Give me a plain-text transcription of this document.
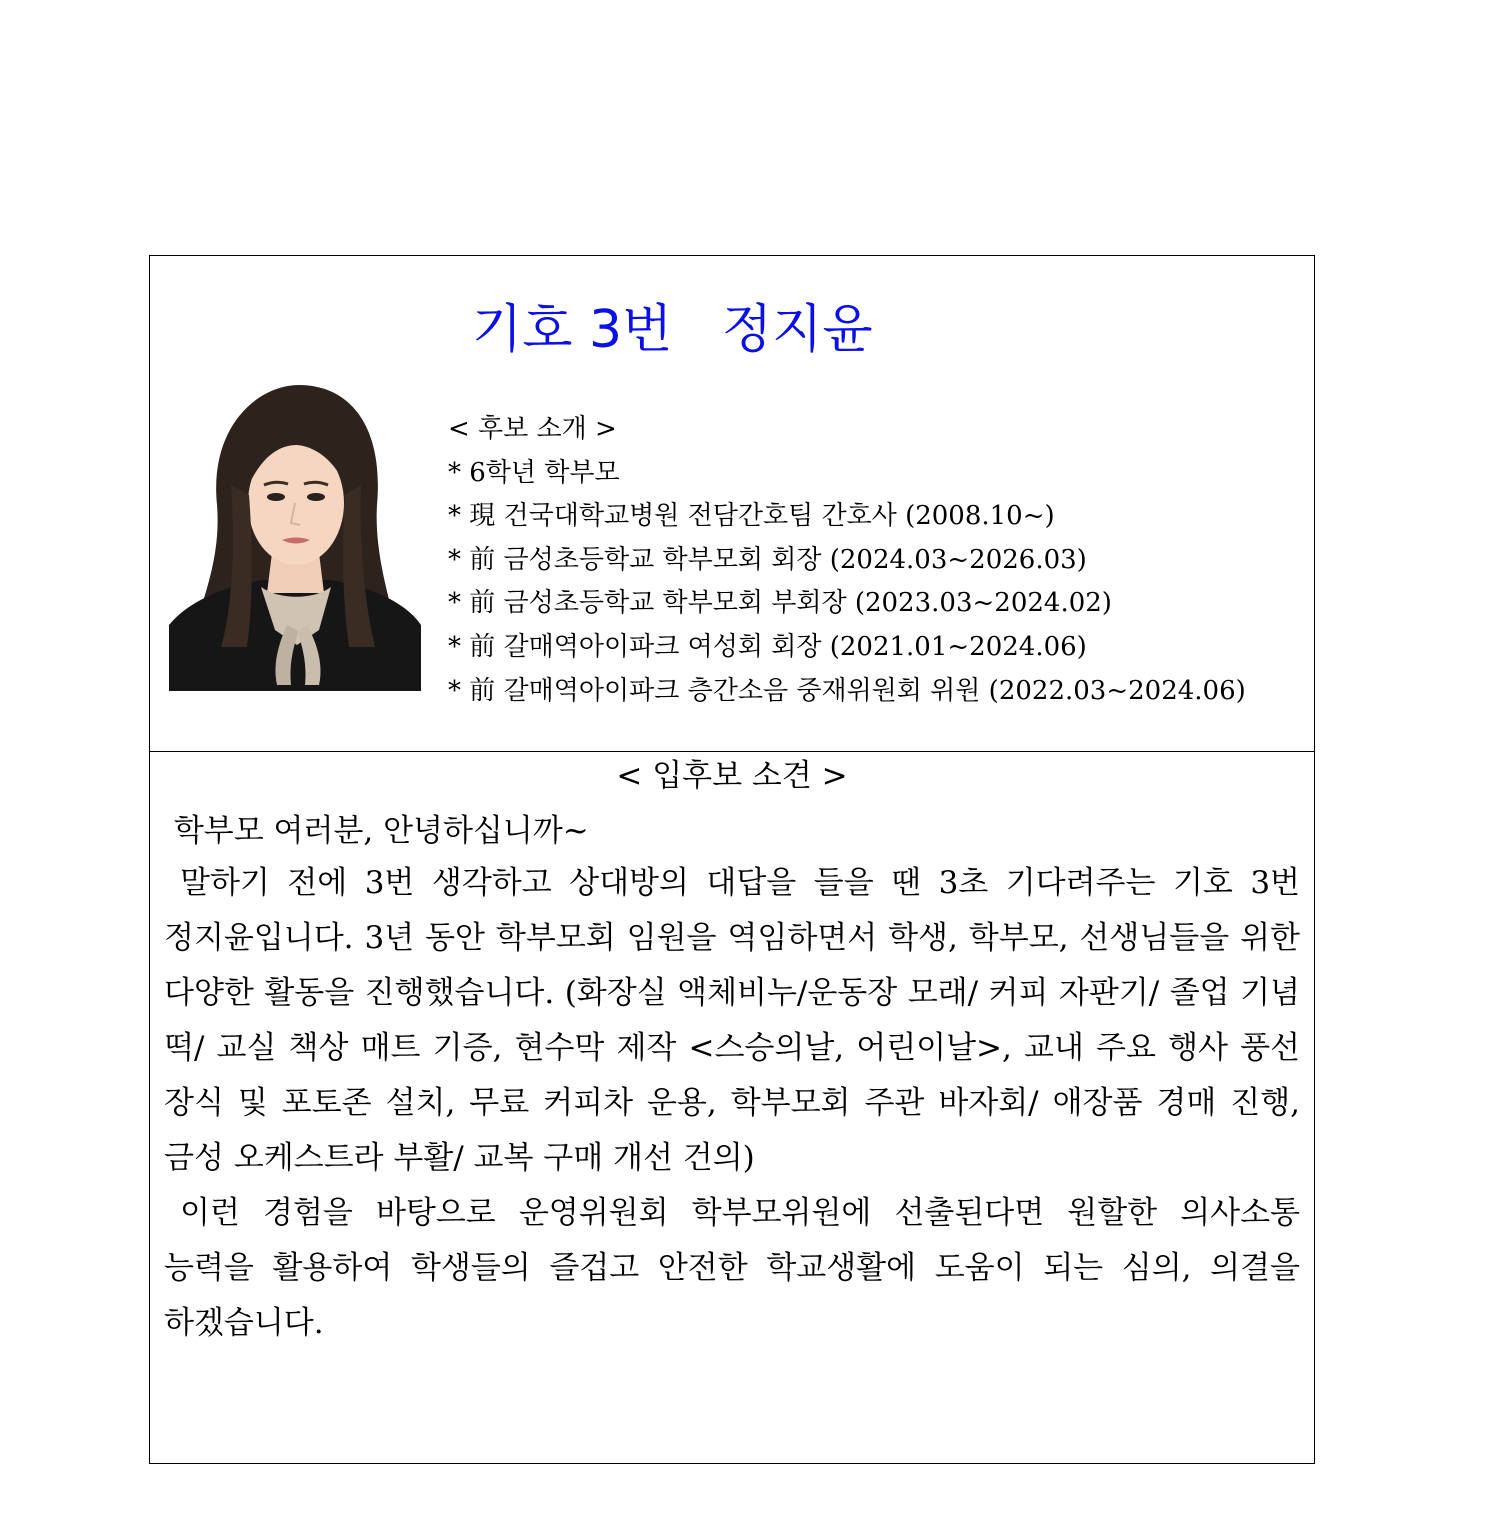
기호 3번   정지윤
< 후보 소개 >
* 6학년 학부모
* 現 건국대학교병원 전담간호팀 간호사 (2008.10~)
* 前 금성초등학교 학부모회 회장 (2024.03~2026.03)
* 前 금성초등학교 학부모회 부회장 (2023.03~2024.02)
* 前 갈매역아이파크 여성회 회장 (2021.01~2024.06)
* 前 갈매역아이파크 층간소음 중재위원회 위원 (2022.03~2024.06)
< 입후보 소견 >
학부모 여러분, 안녕하십니까~

말하기 전에 3번 생각하고 상대방의 대답을 들을 땐 3초 기다려주는 기호 3번 정지윤입니다. 3년 동안 학부모회 임원을 역임하면서 학생, 학부모, 선생님들을 위한 다양한 활동을 진행했습니다. (화장실 액체비누/운동장 모래/ 커피 자판기/ 졸업 기념 떡/ 교실 책상 매트 기증, 현수막 제작 <스승의날, 어린이날>, 교내 주요 행사 풍선 장식 및 포토존 설치, 무료 커피차 운용, 학부모회 주관 바자회/ 애장품 경매 진행, 금성 오케스트라 부활/ 교복 구매 개선 건의)

이런 경험을 바탕으로 운영위원회 학부모위원에 선출된다면 원할한 의사소통 능력을 활용하여 학생들의 즐겁고 안전한 학교생활에 도움이 되는 심의, 의결을 하겠습니다.
